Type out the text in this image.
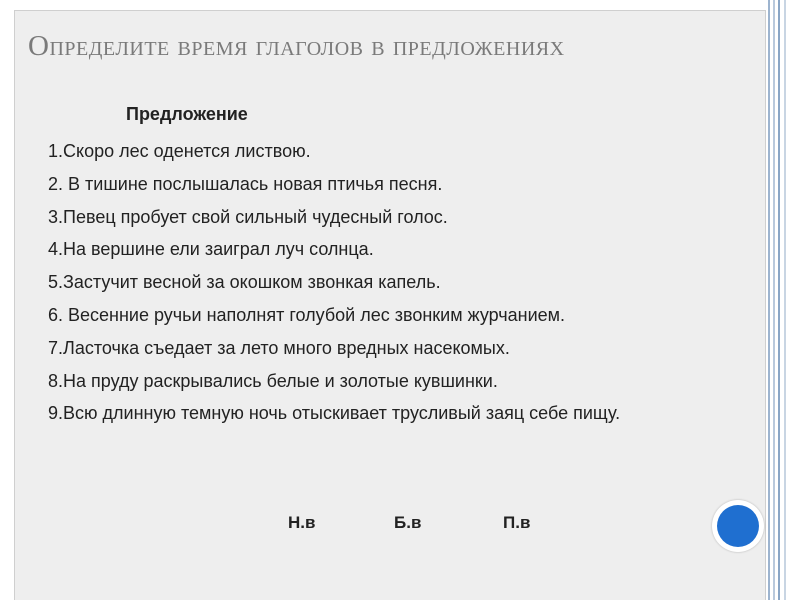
Определите время глаголов в предложениях
Предложение
1.Скоро лес оденется листвою.
2. В тишине послышалась новая птичья песня.
3.Певец пробует свой сильный чудесный голос.
4.На вершине ели заиграл луч солнца.
5.Застучит весной за окошком звонкая капель.
6. Весенние ручьи наполнят голубой лес звонким журчанием.
7.Ласточка съедает за лето много вредных насекомых.
8.На пруду раскрывались белые и золотые кувшинки.
9.Всю длинную темную ночь отыскивает трусливый заяц себе пищу.
Н.в	Б.в	П.в
